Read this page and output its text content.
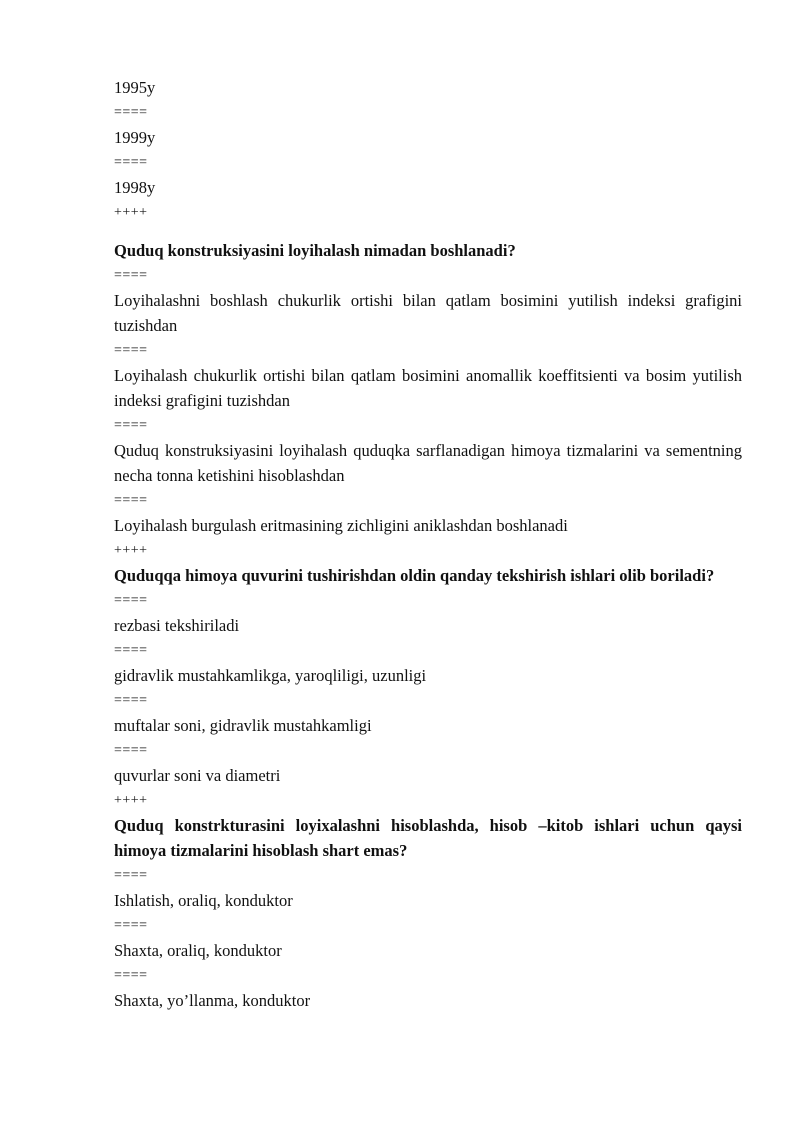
1995y
====
1999y
====
1998y
++++
Quduq konstruksiyasini loyihalash nimadan boshlanadi?
====
Loyihalashni boshlash chukurlik ortishi bilan qatlam bosimini yutilish indeksi grafigini tuzishdan
====
Loyihalash chukurlik ortishi bilan qatlam bosimini anomallik koeffitsienti va bosim yutilish indeksi grafigini tuzishdan
====
Quduq konstruksiyasini loyihalash quduqka sarflanadigan himoya tizmalarini va sementning necha tonna ketishini hisoblashdan
====
Loyihalash burgulash eritmasining zichligini aniklashdan boshlanadi
++++
Quduqqa himoya quvurini tushirishdan oldin qanday tekshirish ishlari olib boriladi?
====
rezbasi tekshiriladi
====
gidravlik mustahkamlikga, yaroqliligi, uzunligi
====
muftalar soni, gidravlik mustahkamligi
====
quvurlar soni va diametri
++++
Quduq konstrkturasini loyixalashni hisoblashda, hisob –kitob ishlari uchun qaysi himoya tizmalarini hisoblash shart emas?
====
Ishlatish, oraliq, konduktor
====
Shaxta, oraliq, konduktor
====
Shaxta, yo’llanma, konduktor
